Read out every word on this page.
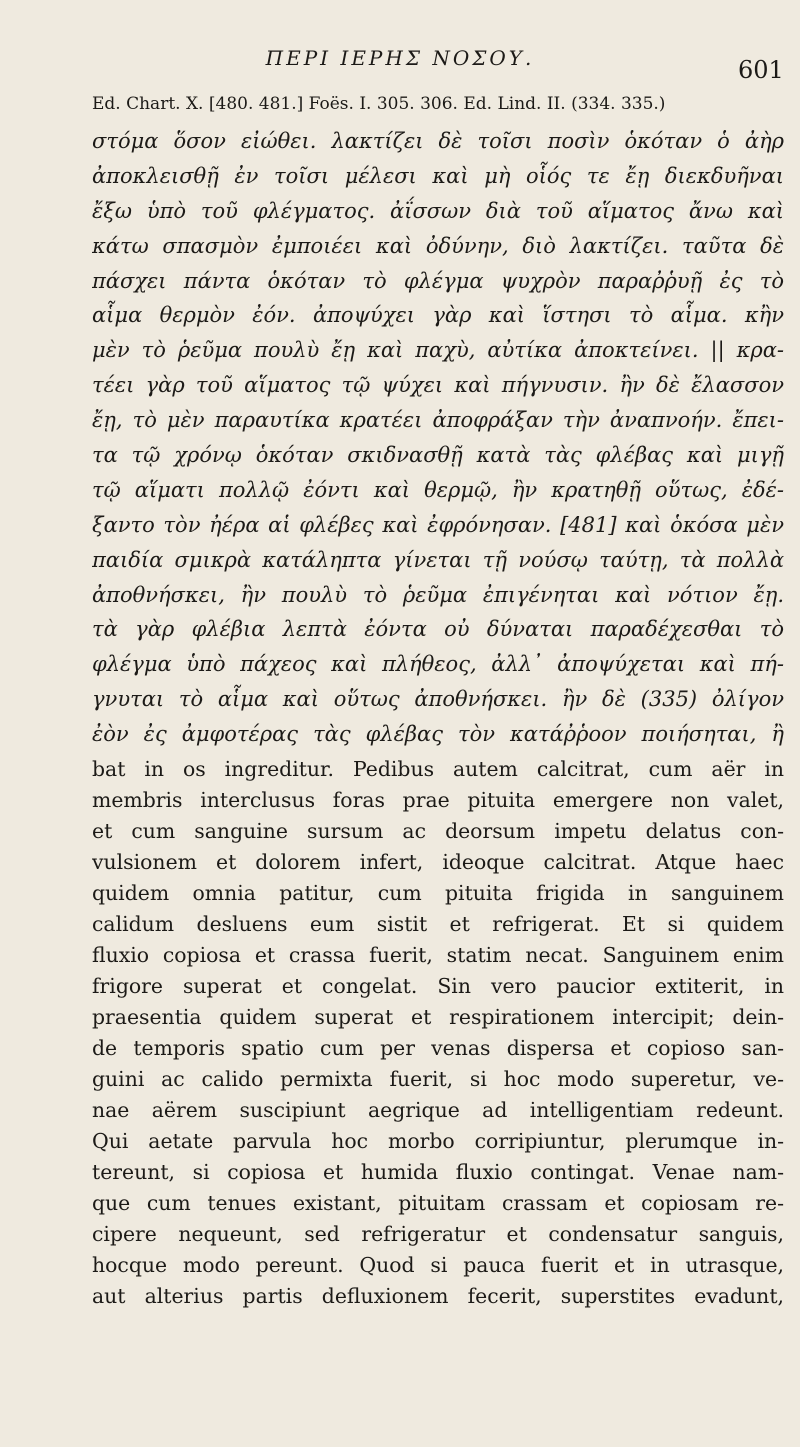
ΠΕΡΙ ΙΕΡΗΣ ΝΟΣΟΥ.	601
Ed. Chart. X. [480. 481.] Foës. I. 305. 306. Ed. Lind. II. (334. 335.)
στόμα ὅσον εἰώθει. λακτίζει δὲ τοῖσι ποσὶν ὁκόταν ὁ ἀὴρ
ἀποκλεισθῇ ἐν τοῖσι μέλεσι καὶ μὴ οἷός τε ἔῃ διεκδυῆναι
ἔξω ὑπὸ τοῦ φλέγματος. ἀΐσσων διὰ τοῦ αἵματος ἄνω καὶ
κάτω σπασμὸν ἐμποιέει καὶ ὀδύνην, διὸ λακτίζει. ταῦτα δὲ
πάσχει πάντα ὁκόταν τὸ φλέγμα ψυχρὸν παραῤῥυῇ ἐς τὸ
αἷμα θερμὸν ἐόν. ἀποψύχει γὰρ καὶ ἵστησι τὸ αἷμα. κἢν
μὲν τὸ ῥεῦμα πουλὺ ἔῃ καὶ παχὺ, αὐτίκα ἀποκτείνει. || κρα-
τέει γὰρ τοῦ αἵματος τῷ ψύχει καὶ πήγνυσιν. ἢν δὲ ἔλασσον
ἔῃ, τὸ μὲν παραυτίκα κρατέει ἀποφράξαν τὴν ἀναπνοήν. ἔπει-
τα τῷ χρόνῳ ὁκόταν σκιδνασθῇ κατὰ τὰς φλέβας καὶ μιγῇ
τῷ αἵματι πολλῷ ἐόντι καὶ θερμῷ, ἢν κρατηθῇ οὕτως, ἐδέ-
ξαντο τὸν ἠέρα αἱ φλέβες καὶ ἐφρόνησαν. [481] καὶ ὁκόσα μὲν
παιδία σμικρὰ κατάληπτα γίνεται τῇ νούσῳ ταύτῃ, τὰ πολλὰ
ἀποθνήσκει, ἢν πουλὺ τὸ ῥεῦμα ἐπιγένηται καὶ νότιον ἔῃ.
τὰ γὰρ φλέβια λεπτὰ ἐόντα οὐ δύναται παραδέχεσθαι τὸ
φλέγμα ὑπὸ πάχεος καὶ πλήθεος, ἀλλ᾽ ἀποψύχεται καὶ πή-
γνυται τὸ αἷμα καὶ οὕτως ἀποθνήσκει. ἢν δὲ (335) ὀλίγον
ἐὸν ἐς ἀμφοτέρας τὰς φλέβας τὸν κατάῤῥοον ποιήσηται, ἢ
bat in os ingreditur. Pedibus autem calcitrat, cum aër in
membris interclusus foras prae pituita emergere non valet,
et cum sanguine sursum ac deorsum impetu delatus con-
vulsionem et dolorem infert, ideoque calcitrat. Atque haec
quidem omnia patitur, cum pituita frigida in sanguinem
calidum desluens eum sistit et refrigerat. Et si quidem
fluxio copiosa et crassa fuerit, statim necat. Sanguinem enim
frigore superat et congelat. Sin vero paucior extiterit, in
praesentia quidem superat et respirationem intercipit; dein-
de temporis spatio cum per venas dispersa et copioso san-
guini ac calido permixta fuerit, si hoc modo superetur, ve-
nae aërem suscipiunt aegrique ad intelligentiam redeunt.
Qui aetate parvula hoc morbo corripiuntur, plerumque in-
tereunt, si copiosa et humida fluxio contingat. Venae nam-
que cum tenues existant, pituitam crassam et copiosam re-
cipere nequeunt, sed refrigeratur et condensatur sanguis,
hocque modo pereunt. Quod si pauca fuerit et in utrasque,
aut alterius partis defluxionem fecerit, superstites evadunt,
